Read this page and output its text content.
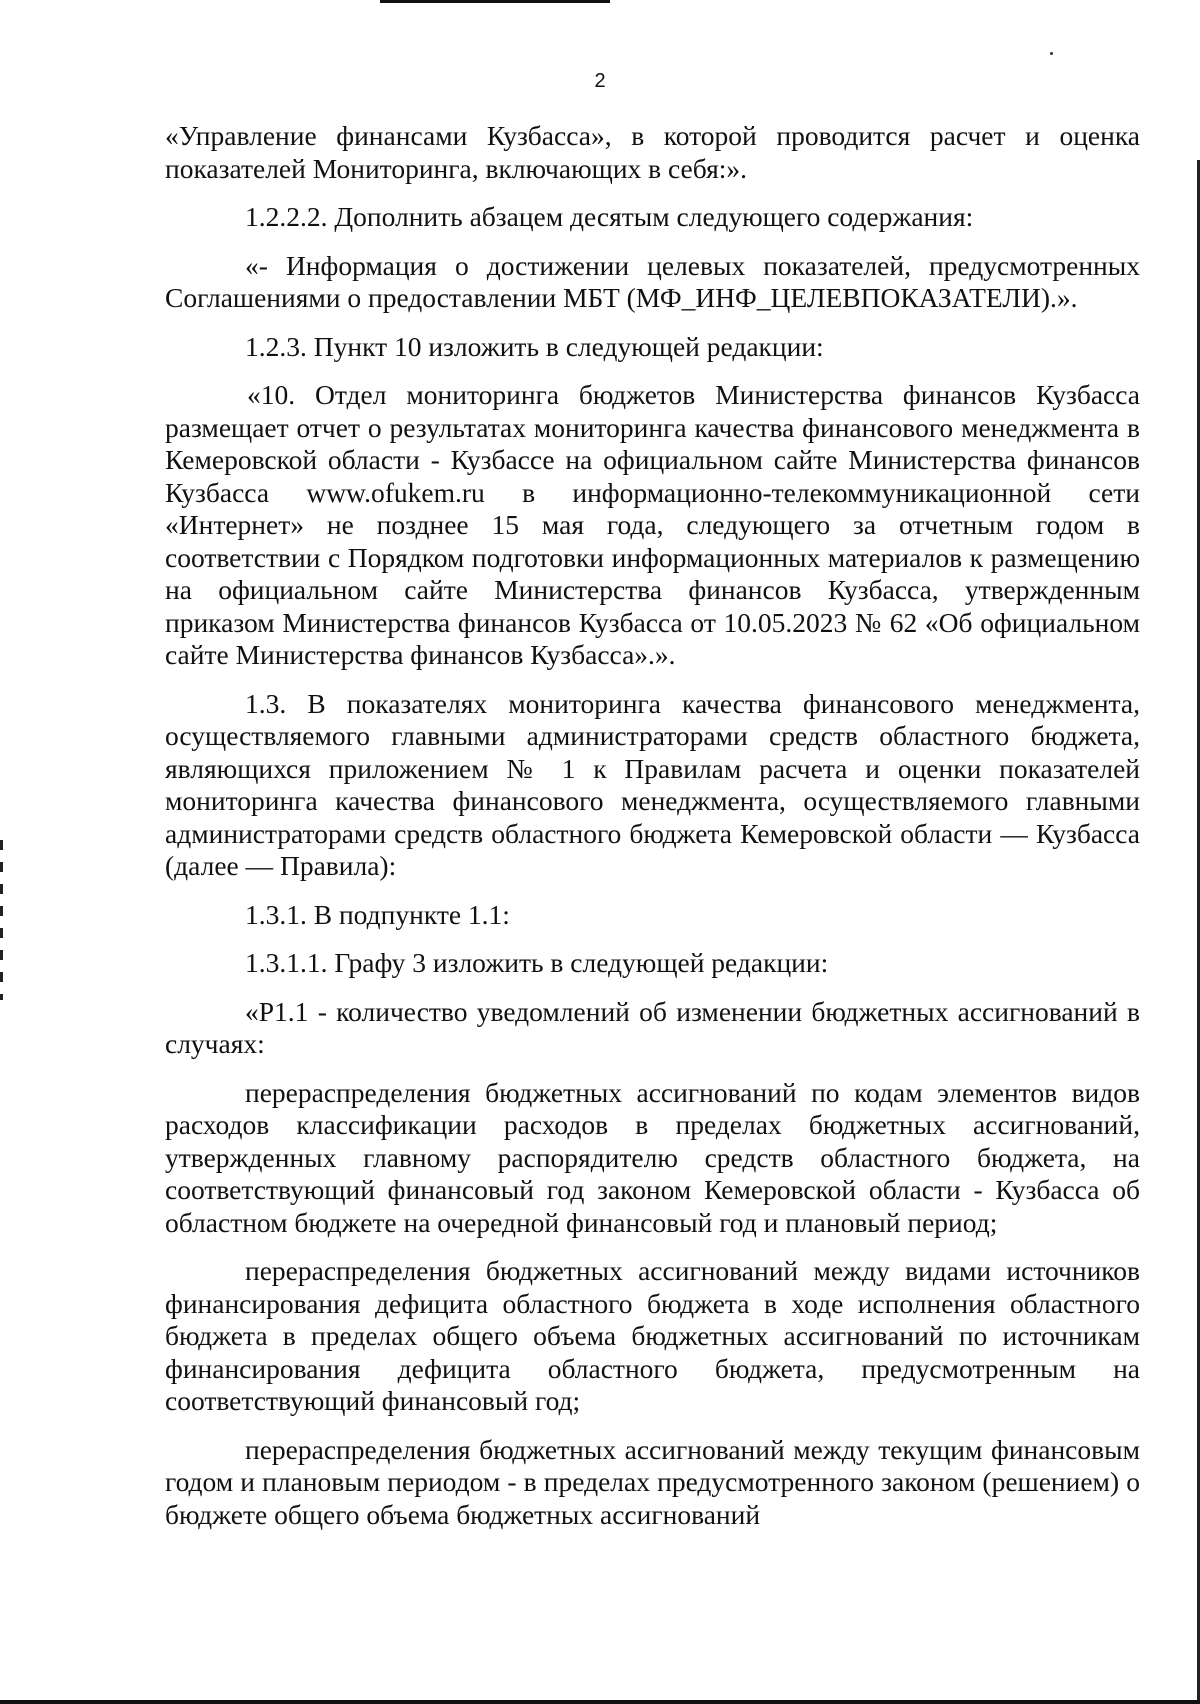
2

«Управление финансами Кузбасса», в которой проводится расчет и оценка показателей Мониторинга, включающих в себя:».

1.2.2.2. Дополнить абзацем десятым следующего содержания:

«- Информация о достижении целевых показателей, предусмотренных Соглашениями о предоставлении МБТ (МФ_ИНФ_ЦЕЛЕВПОКАЗАТЕЛИ).».

1.2.3. Пункт 10 изложить в следующей редакции:

«10. Отдел мониторинга бюджетов Министерства финансов Кузбасса размещает отчет о результатах мониторинга качества финансового менеджмента в Кемеровской области - Кузбассе на официальном сайте Министерства финансов Кузбасса www.ofukem.ru в информационно-телекоммуникационной сети «Интернет» не позднее 15 мая года, следующего за отчетным годом в соответствии с Порядком подготовки информационных материалов к размещению на официальном сайте Министерства финансов Кузбасса, утвержденным приказом Министерства финансов Кузбасса от 10.05.2023 № 62 «Об официальном сайте Министерства финансов Кузбасса».».

1.3. В показателях мониторинга качества финансового менеджмента, осуществляемого главными администраторами средств областного бюджета, являющихся приложением № 1 к Правилам расчета и оценки показателей мониторинга качества финансового менеджмента, осуществляемого главными администраторами средств областного бюджета Кемеровской области — Кузбасса (далее — Правила):

1.3.1. В подпункте 1.1:

1.3.1.1. Графу 3 изложить в следующей редакции:

«Р1.1 - количество уведомлений об изменении бюджетных ассигнований в случаях:

перераспределения бюджетных ассигнований по кодам элементов видов расходов классификации расходов в пределах бюджетных ассигнований, утвержденных главному распорядителю средств областного бюджета, на соответствующий финансовый год законом Кемеровской области - Кузбасса об областном бюджете на очередной финансовый год и плановый период;

перераспределения бюджетных ассигнований между видами источников финансирования дефицита областного бюджета в ходе исполнения областного бюджета в пределах общего объема бюджетных ассигнований по источникам финансирования дефицита областного бюджета, предусмотренным на соответствующий финансовый год;

перераспределения бюджетных ассигнований между текущим финансовым годом и плановым периодом - в пределах предусмотренного законом (решением) о бюджете общего объема бюджетных ассигнований
